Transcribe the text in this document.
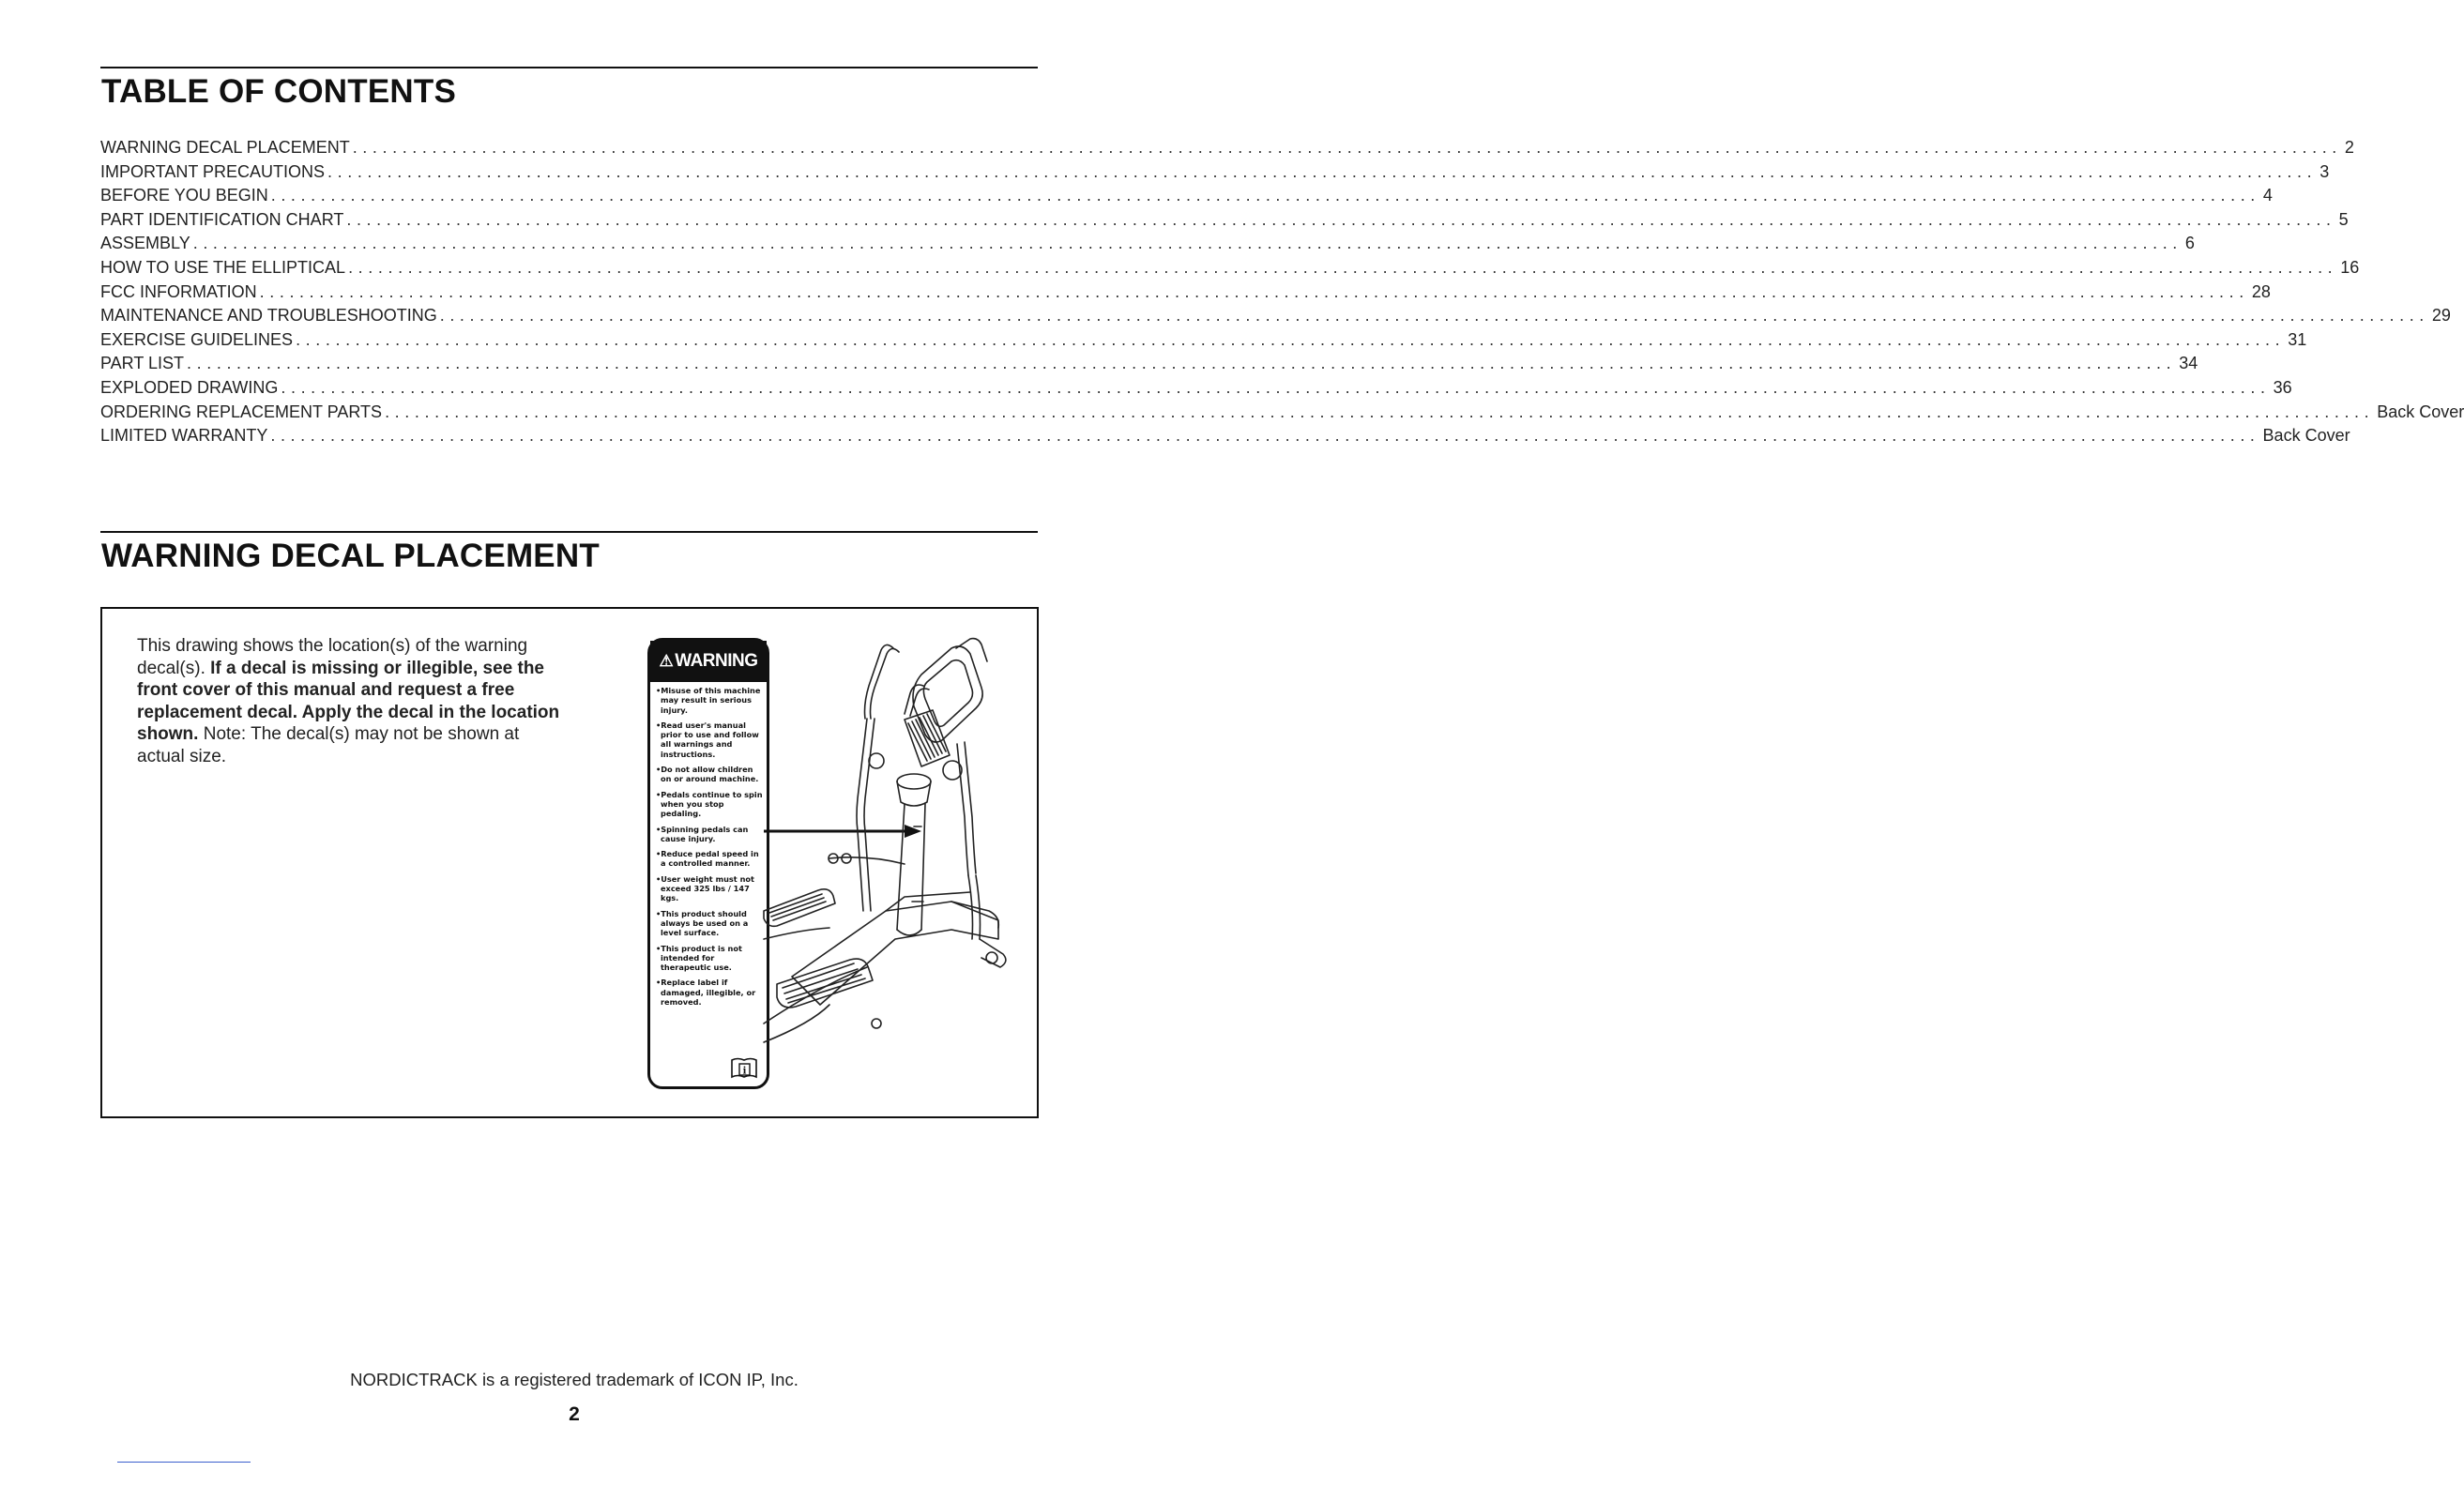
TABLE OF CONTENTS
WARNING DECAL PLACEMENT ........................................................................................................................................................................................................ 2
IMPORTANT PRECAUTIONS ........................................................................................................................................................................................................ 3
BEFORE YOU BEGIN ........................................................................................................................................................................................................ 4
PART IDENTIFICATION CHART ........................................................................................................................................................................................................ 5
ASSEMBLY ........................................................................................................................................................................................................ 6
HOW TO USE THE ELLIPTICAL ........................................................................................................................................................................................................ 16
FCC INFORMATION ........................................................................................................................................................................................................ 28
MAINTENANCE AND TROUBLESHOOTING ........................................................................................................................................................................................................ 29
EXERCISE GUIDELINES ........................................................................................................................................................................................................ 31
PART LIST ........................................................................................................................................................................................................ 34
EXPLODED DRAWING ........................................................................................................................................................................................................ 36
ORDERING REPLACEMENT PARTS ........................................................................................................................................................................................................ Back Cover
LIMITED WARRANTY ........................................................................................................................................................................................................ Back Cover
WARNING DECAL PLACEMENT
This drawing shows the location(s) of the warning decal(s). If a decal is missing or illegible, see the front cover of this manual and request a free replacement decal. Apply the decal in the location shown. Note: The decal(s) may not be shown at actual size.
⚠ WARNING
•Misuse of this machine may result in serious injury.
•Read user's manual prior to use and follow all warnings and instructions.
•Do not allow children on or around machine.
•Pedals continue to spin when you stop pedaling.
•Spinning pedals can cause injury.
•Reduce pedal speed in a controlled manner.
•User weight must not exceed 325 lbs / 147 kgs.
•This product should always be used on a level surface.
•This product is not intended for therapeutic use.
•Replace label if damaged, illegible, or removed.
i
NORDICTRACK is a registered trademark of ICON IP, Inc.
2
